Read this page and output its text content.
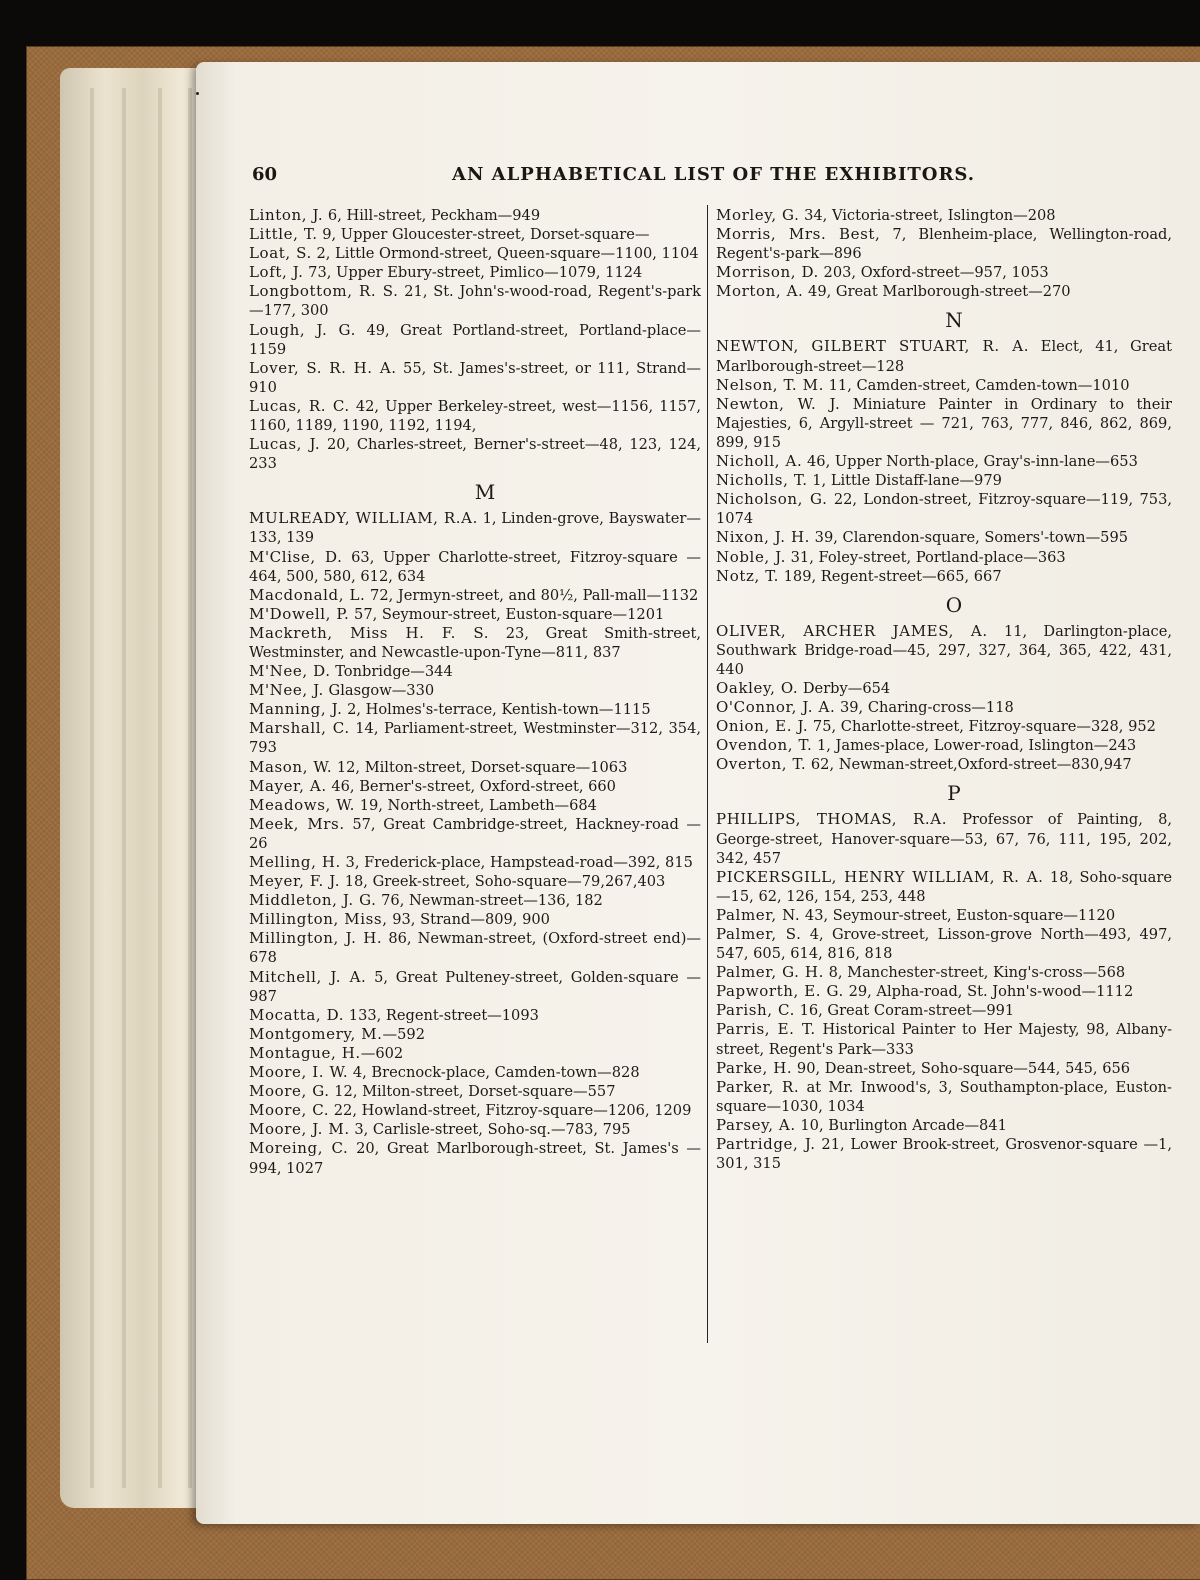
60	AN ALPHABETICAL LIST OF THE EXHIBITORS.
Linton, J. 6, Hill-street, Peckham—949
Little, T. 9, Upper Gloucester-street, Dorset-square—
Loat, S. 2, Little Ormond-street, Queen-square—1100, 1104
Loft, J. 73, Upper Ebury-street, Pimlico—1079, 1124
Longbottom, R. S. 21, St. John's-wood-road, Regent's-park—177, 300
Lough, J. G. 49, Great Portland-street, Portland-place—1159
Lover, S. R. H. A. 55, St. James's-street, or 111, Strand—910
Lucas, R. C. 42, Upper Berkeley-street, west—1156, 1157, 1160, 1189, 1190, 1192, 1194,
Lucas, J. 20, Charles-street, Berner's-street—48, 123, 124, 233
M
MULREADY, WILLIAM, R.A. 1, Linden-grove, Bayswater—133, 139
M'Clise, D. 63, Upper Charlotte-street, Fitzroy-square —464, 500, 580, 612, 634
Macdonald, L. 72, Jermyn-street, and 80½, Pall-mall—1132
M'Dowell, P. 57, Seymour-street, Euston-square—1201
Mackreth, Miss H. F. S. 23, Great Smith-street, Westminster, and Newcastle-upon-Tyne—811, 837
M'Nee, D. Tonbridge—344
M'Nee, J. Glasgow—330
Manning, J. 2, Holmes's-terrace, Kentish-town—1115
Marshall, C. 14, Parliament-street, Westminster—312, 354, 793
Mason, W. 12, Milton-street, Dorset-square—1063
Mayer, A. 46, Berner's-street, Oxford-street, 660
Meadows, W. 19, North-street, Lambeth—684
Meek, Mrs. 57, Great Cambridge-street, Hackney-road —26
Melling, H. 3, Frederick-place, Hampstead-road—392, 815
Meyer, F. J. 18, Greek-street, Soho-square—79,267,403
Middleton, J. G. 76, Newman-street—136, 182
Millington, Miss, 93, Strand—809, 900
Millington, J. H. 86, Newman-street, (Oxford-street end)—678
Mitchell, J. A. 5, Great Pulteney-street, Golden-square —987
Mocatta, D. 133, Regent-street—1093
Montgomery, M.—592
Montague, H.—602
Moore, I. W. 4, Brecnock-place, Camden-town—828
Moore, G. 12, Milton-street, Dorset-square—557
Moore, C. 22, Howland-street, Fitzroy-square—1206, 1209
Moore, J. M. 3, Carlisle-street, Soho-sq.—783, 795
Moreing, C. 20, Great Marlborough-street, St. James's —994, 1027
Morley, G. 34, Victoria-street, Islington—208
Morris, Mrs. Best, 7, Blenheim-place, Wellington-road, Regent's-park—896
Morrison, D. 203, Oxford-street—957, 1053
Morton, A. 49, Great Marlborough-street—270
N
NEWTON, GILBERT STUART, R. A. Elect, 41, Great Marlborough-street—128
Nelson, T. M. 11, Camden-street, Camden-town—1010
Newton, W. J. Miniature Painter in Ordinary to their Majesties, 6, Argyll-street — 721, 763, 777, 846, 862, 869, 899, 915
Nicholl, A. 46, Upper North-place, Gray's-inn-lane—653
Nicholls, T. 1, Little Distaff-lane—979
Nicholson, G. 22, London-street, Fitzroy-square—119, 753, 1074
Nixon, J. H. 39, Clarendon-square, Somers'-town—595
Noble, J. 31, Foley-street, Portland-place—363
Notz, T. 189, Regent-street—665, 667
O
OLIVER, ARCHER JAMES, A. 11, Darlington-place, Southwark Bridge-road—45, 297, 327, 364, 365, 422, 431, 440
Oakley, O. Derby—654
O'Connor, J. A. 39, Charing-cross—118
Onion, E. J. 75, Charlotte-street, Fitzroy-square—328, 952
Ovendon, T. 1, James-place, Lower-road, Islington—243
Overton, T. 62, Newman-street,Oxford-street—830,947
P
PHILLIPS, THOMAS, R.A. Professor of Painting, 8, George-street, Hanover-square—53, 67, 76, 111, 195, 202, 342, 457
PICKERSGILL, HENRY WILLIAM, R. A. 18, Soho-square—15, 62, 126, 154, 253, 448
Palmer, N. 43, Seymour-street, Euston-square—1120
Palmer, S. 4, Grove-street, Lisson-grove North—493, 497, 547, 605, 614, 816, 818
Palmer, G. H. 8, Manchester-street, King's-cross—568
Papworth, E. G. 29, Alpha-road, St. John's-wood—1112
Parish, C. 16, Great Coram-street—991
Parris, E. T. Historical Painter to Her Majesty, 98, Albany-street, Regent's Park—333
Parke, H. 90, Dean-street, Soho-square—544, 545, 656
Parker, R. at Mr. Inwood's, 3, Southampton-place, Euston-square—1030, 1034
Parsey, A. 10, Burlington Arcade—841
Partridge, J. 21, Lower Brook-street, Grosvenor-square —1, 301, 315
